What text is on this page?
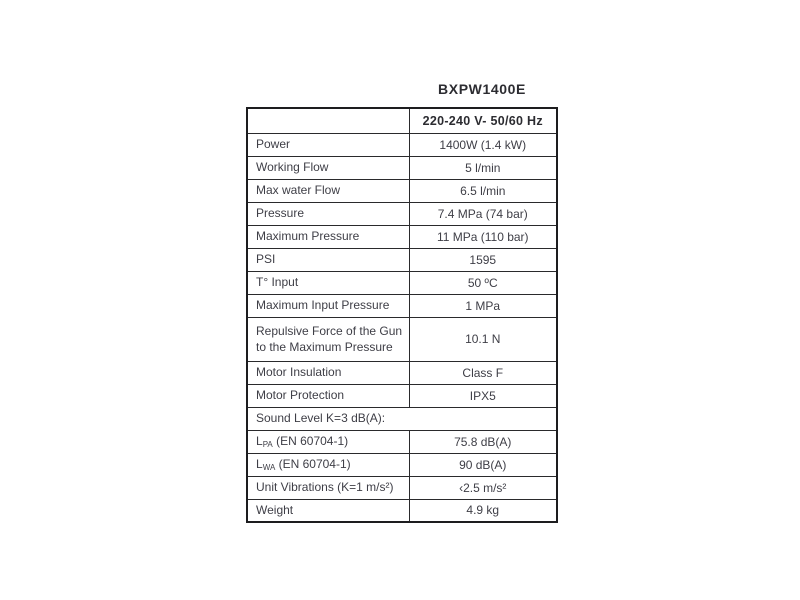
BXPW1400E
	220-240 V- 50/60 Hz
Power	1400W (1.4 kW)
Working Flow	5 l/min
Max water Flow	6.5 l/min
Pressure	7.4 MPa (74 bar)
Maximum Pressure	11 MPa (110 bar)
PSI	1595
T° Input	50 ºC
Maximum Input Pressure	1 MPa
Repulsive Force of the Gun to the Maximum Pressure	10.1 N
Motor Insulation	Class F
Motor Protection	IPX5
Sound Level K=3 dB(A):	
$L_{PA}$ (EN 60704-1)	75.8 dB(A)
$L_{WA}$ (EN 60704-1)	90 dB(A)
Unit Vibrations (K=1 m/s²)	‹2.5 m/s²
Weight	4.9 kg
